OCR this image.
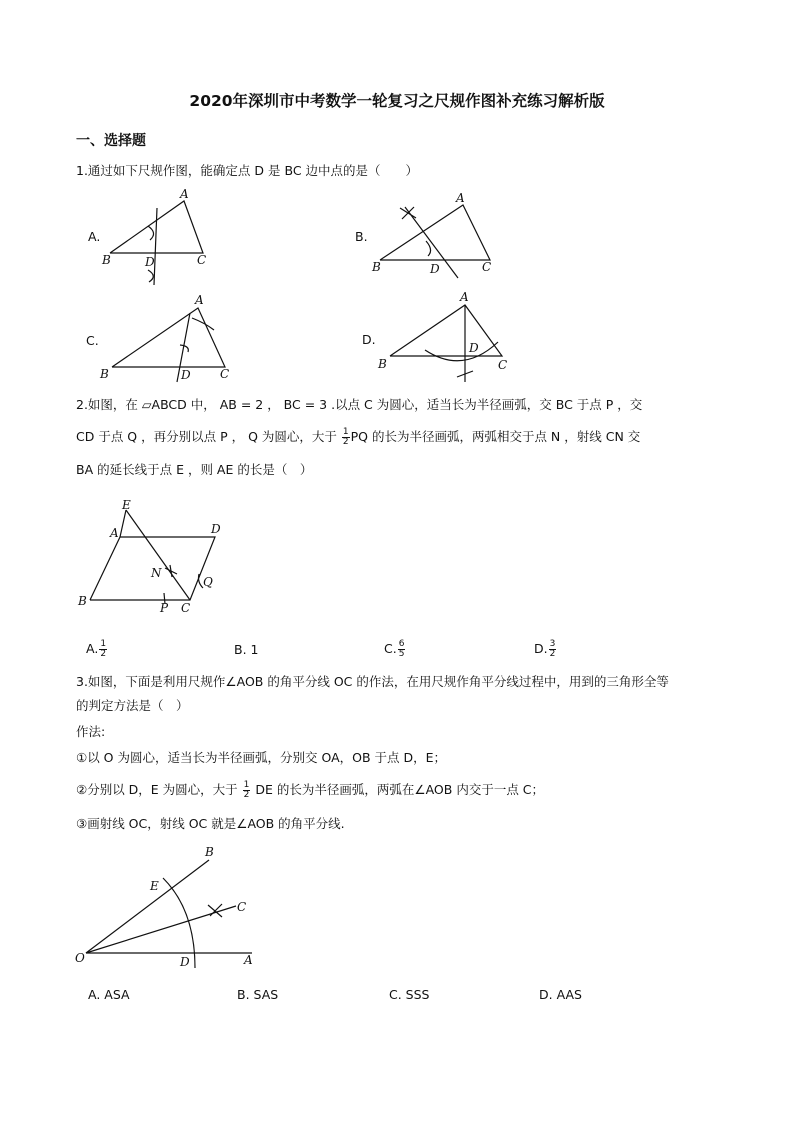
2020年深圳市中考数学一轮复习之尺规作图补充练习解析版
一、选择题
1.通过如下尺规作图，能确定点 D 是 BC 边中点的是（　　）
A.
A
B	D	C
B.
A
B	D	C
C.
A
B	D C
D.
A
B
D
C
2.如图，在 ▱ABCD 中， AB = 2 ， BC = 3 .以点 C 为圆心，适当长为半径画弧，交 BC 于点 P ，交
CD 于点 Q ，再分别以点 P ， Q 为圆心，大于 $\frac{1}{2}$ PQ 的长为半径画弧，两弧相交于点 N ，射线 CN 交
BA 的延长线于点 E ，则 AE 的长是（　）
E
A	D
N
Q
B	P C
A. $\frac{1}{2}$	B. 1	C. $\frac{6}{5}$	D. $\frac{3}{2}$
3.如图，下面是利用尺规作∠AOB 的角平分线 OC 的作法，在用尺规作角平分线过程中，用到的三角形全等
的判定方法是（　）
作法:
①以 O 为圆心，适当长为半径画弧，分别交 OA，OB 于点 D，E；
②分别以 D，E 为圆心，大于 $\frac{1}{2}$ DE 的长为半径画弧，两弧在∠AOB 内交于一点 C；
③画射线 OC，射线 OC 就是∠AOB 的角平分线.
B
E
C
O	D	A
A. ASA	B. SAS	C. SSS	D. AAS
